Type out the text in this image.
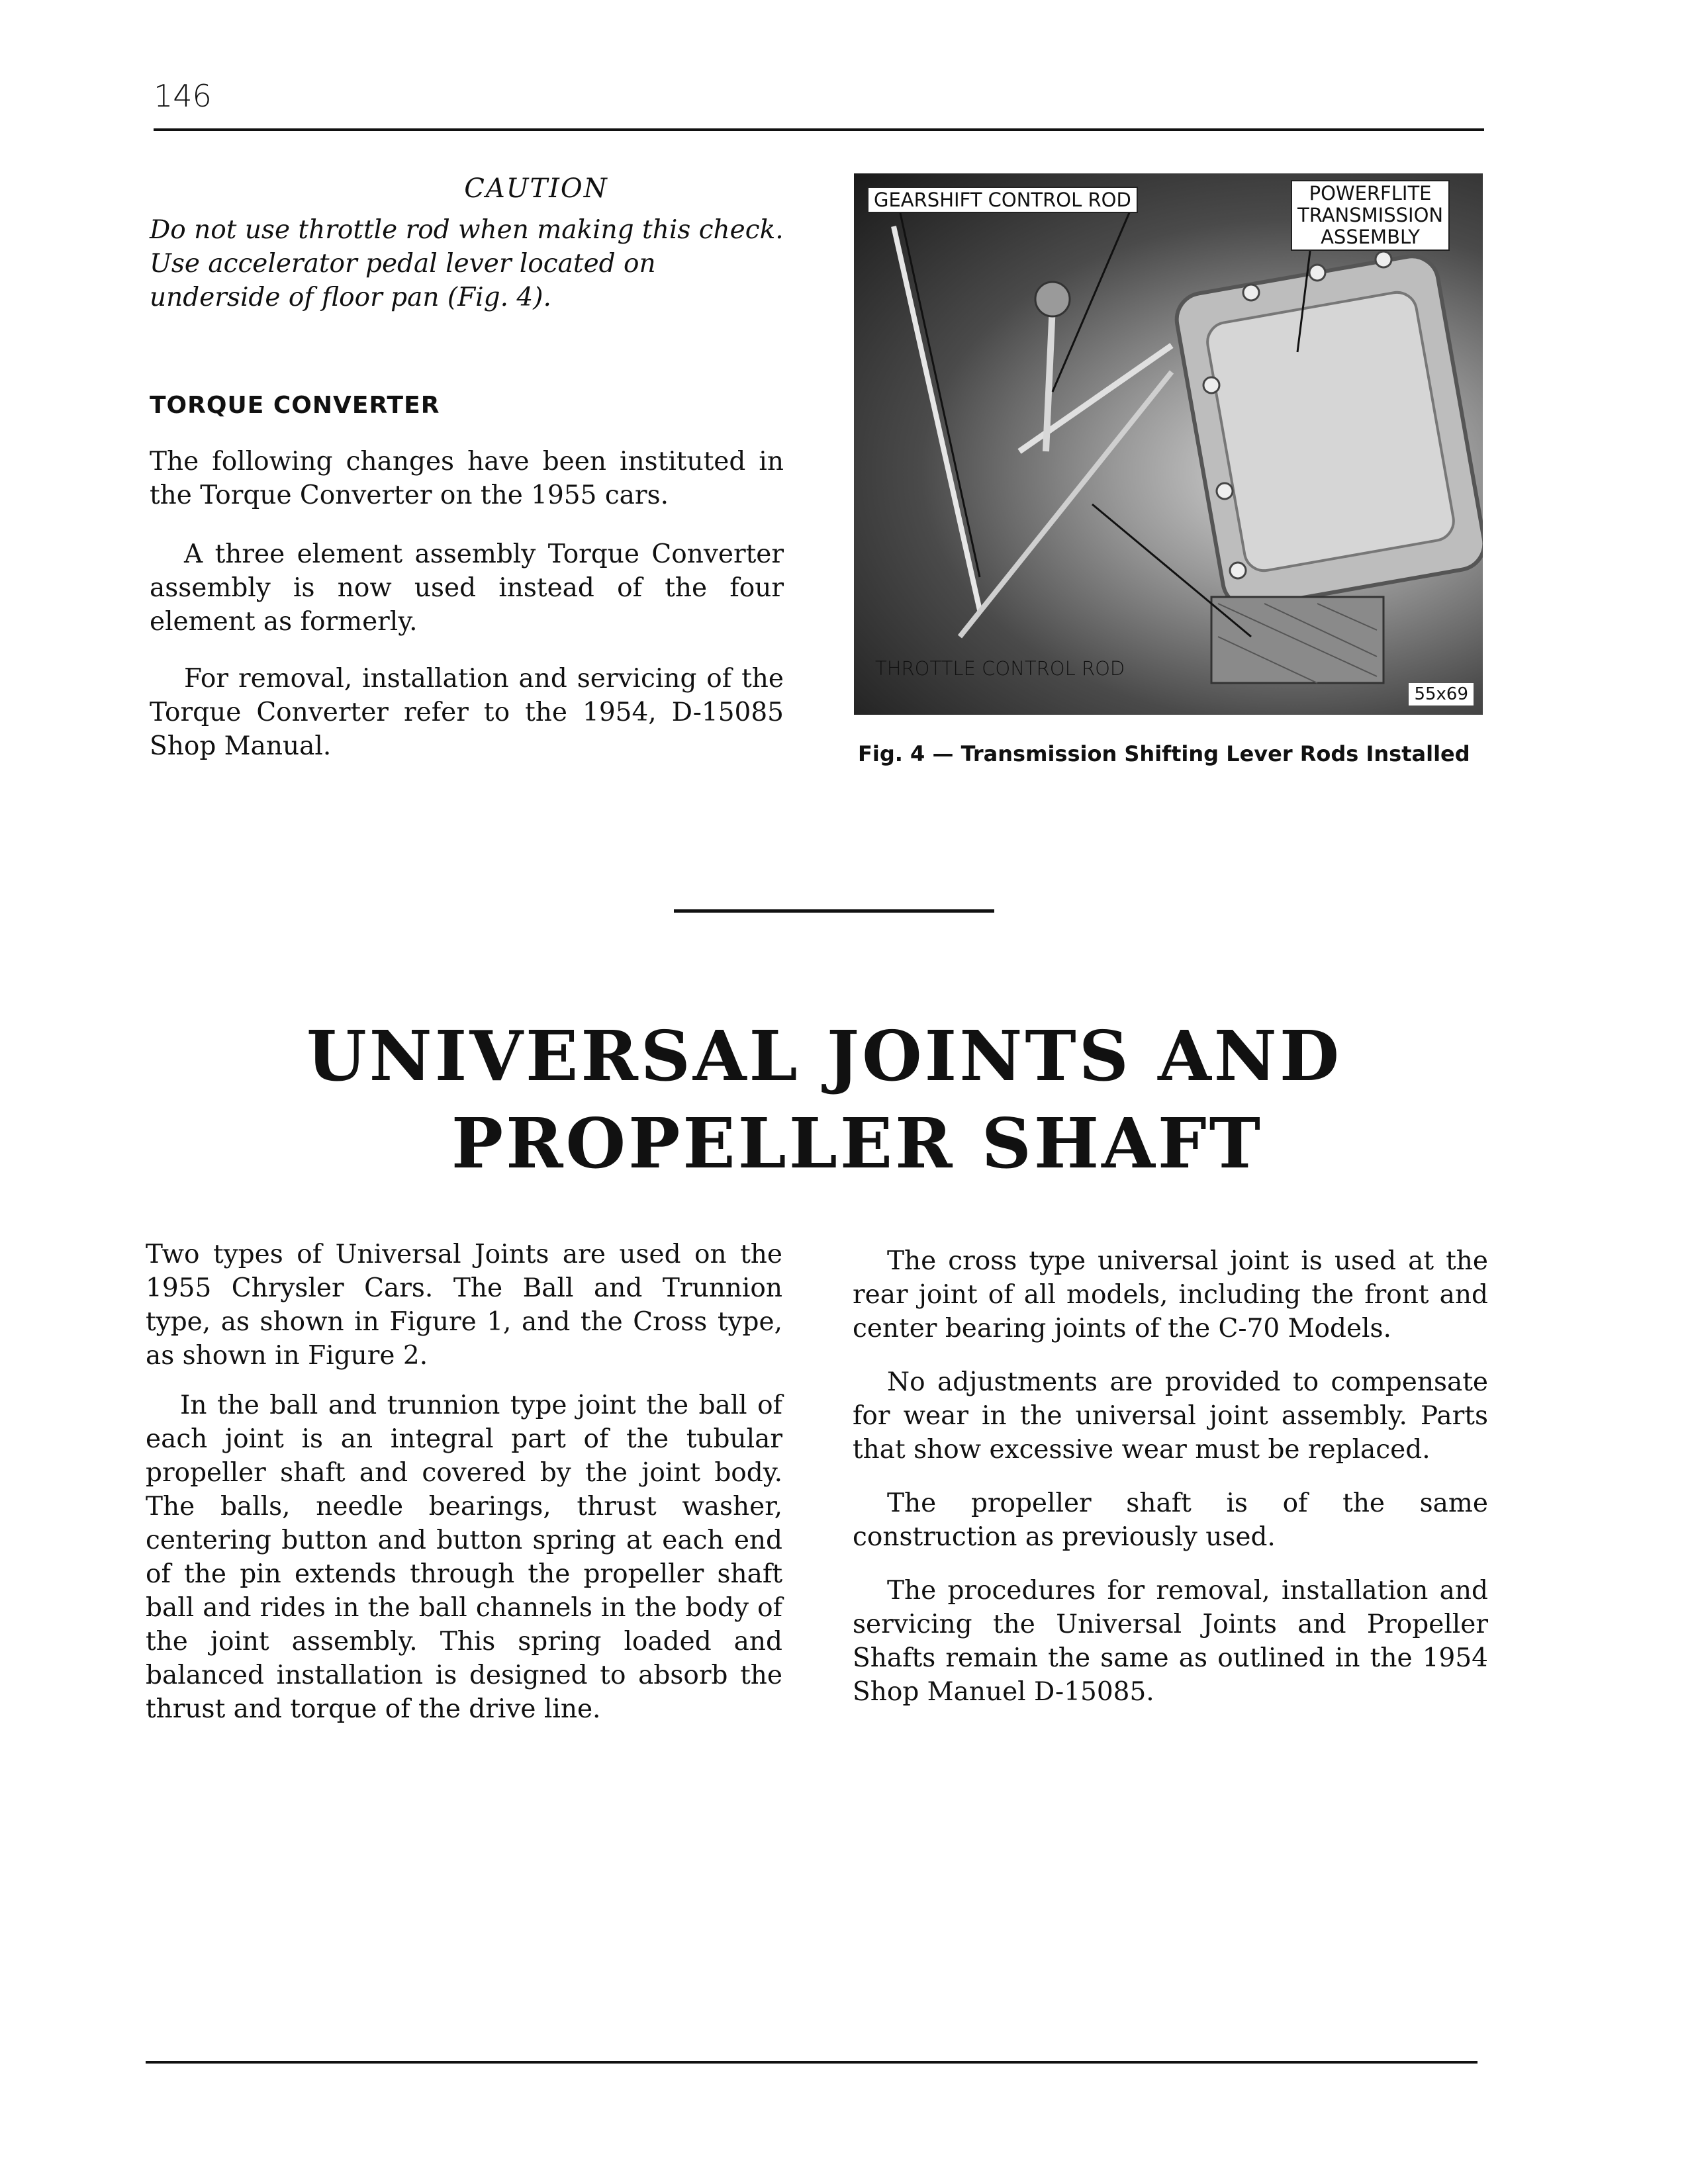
146
CAUTION

Do not use throttle rod when making this check. Use accelerator pedal lever located on underside of floor pan (Fig. 4).

TORQUE CONVERTER

The following changes have been instituted in the Torque Converter on the 1955 cars.

A three element assembly Torque Converter assembly is now used instead of the four element as formerly.

For removal, installation and servicing of the Torque Converter refer to the 1954, D-15085 Shop Manual.

GEARSHIFT CONTROL ROD	POWERFLITE
TRANSMISSION
ASSEMBLY
THROTTLE CONTROL ROD
55x69
Fig. 4 — Transmission Shifting Lever Rods Installed
UNIVERSAL JOINTS AND
PROPELLER SHAFT

Two types of Universal Joints are used on the 1955 Chrysler Cars. The Ball and Trunnion type, as shown in Figure 1, and the Cross type, as shown in Figure 2.

In the ball and trunnion type joint the ball of each joint is an integral part of the tubular propeller shaft and covered by the joint body. The balls, needle bearings, thrust washer, centering button and button spring at each end of the pin extends through the propeller shaft ball and rides in the ball channels in the body of the joint assembly. This spring loaded and balanced installation is designed to absorb the thrust and torque of the drive line.

The cross type universal joint is used at the rear joint of all models, including the front and center bearing joints of the C-70 Models.

No adjustments are provided to compensate for wear in the universal joint assembly. Parts that show excessive wear must be replaced.

The propeller shaft is of the same construction as previously used.

The procedures for removal, installation and servicing the Universal Joints and Propeller Shafts remain the same as outlined in the 1954 Shop Manuel D-15085.
